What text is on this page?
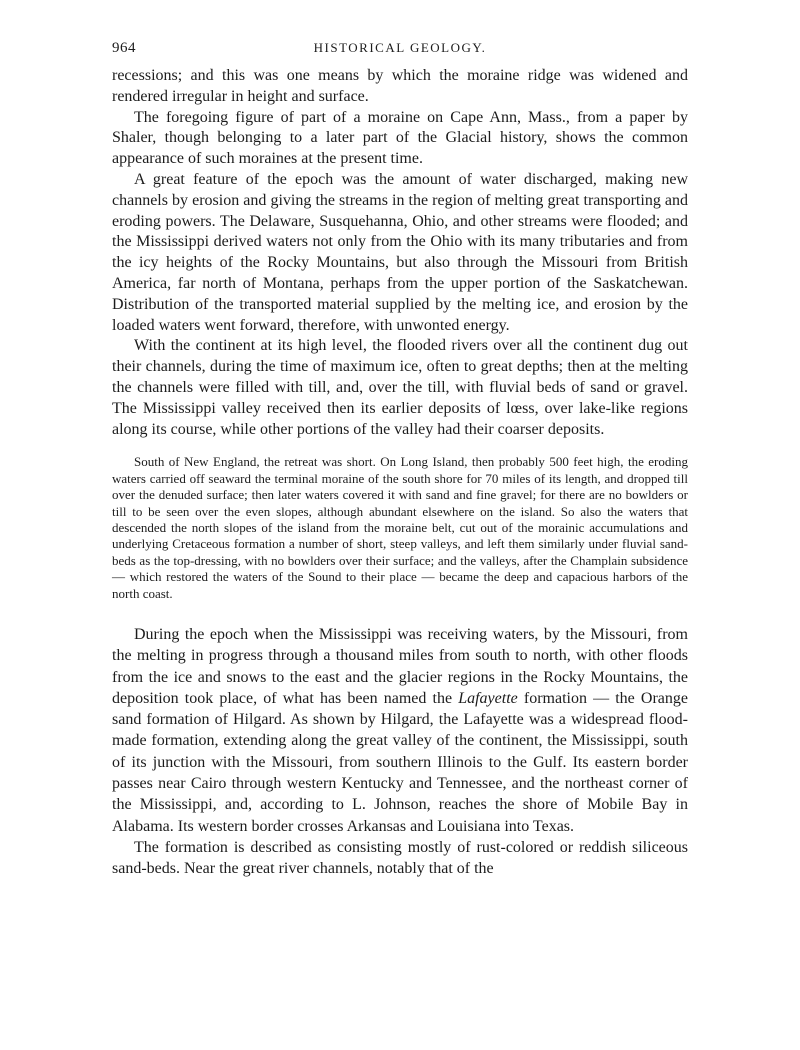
964	HISTORICAL GEOLOGY.

recessions; and this was one means by which the moraine ridge was widened and rendered irregular in height and surface.

The foregoing figure of part of a moraine on Cape Ann, Mass., from a paper by Shaler, though belonging to a later part of the Glacial history, shows the common appearance of such moraines at the present time.

A great feature of the epoch was the amount of water discharged, making new channels by erosion and giving the streams in the region of melting great transporting and eroding powers. The Delaware, Susquehanna, Ohio, and other streams were flooded; and the Mississippi derived waters not only from the Ohio with its many tributaries and from the icy heights of the Rocky Mountains, but also through the Missouri from British America, far north of Montana, perhaps from the upper portion of the Saskatchewan. Distribution of the transported material supplied by the melting ice, and erosion by the loaded waters went forward, therefore, with unwonted energy.

With the continent at its high level, the flooded rivers over all the continent dug out their channels, during the time of maximum ice, often to great depths; then at the melting the channels were filled with till, and, over the till, with fluvial beds of sand or gravel. The Mississippi valley received then its earlier deposits of lœss, over lake-like regions along its course, while other portions of the valley had their coarser deposits.

South of New England, the retreat was short. On Long Island, then probably 500 feet high, the eroding waters carried off seaward the terminal moraine of the south shore for 70 miles of its length, and dropped till over the denuded surface; then later waters covered it with sand and fine gravel; for there are no bowlders or till to be seen over the even slopes, although abundant elsewhere on the island. So also the waters that descended the north slopes of the island from the moraine belt, cut out of the morainic accumulations and underlying Cretaceous formation a number of short, steep valleys, and left them similarly under fluvial sand-beds as the top-dressing, with no bowlders over their surface; and the valleys, after the Champlain subsidence — which restored the waters of the Sound to their place — became the deep and capacious harbors of the north coast.

During the epoch when the Mississippi was receiving waters, by the Missouri, from the melting in progress through a thousand miles from south to north, with other floods from the ice and snows to the east and the glacier regions in the Rocky Mountains, the deposition took place, of what has been named the Lafayette formation — the Orange sand formation of Hilgard. As shown by Hilgard, the Lafayette was a widespread flood-made formation, extending along the great valley of the continent, the Mississippi, south of its junction with the Missouri, from southern Illinois to the Gulf. Its eastern border passes near Cairo through western Kentucky and Tennessee, and the northeast corner of the Mississippi, and, according to L. Johnson, reaches the shore of Mobile Bay in Alabama. Its western border crosses Arkansas and Louisiana into Texas.

The formation is described as consisting mostly of rust-colored or reddish siliceous sand-beds. Near the great river channels, notably that of the
